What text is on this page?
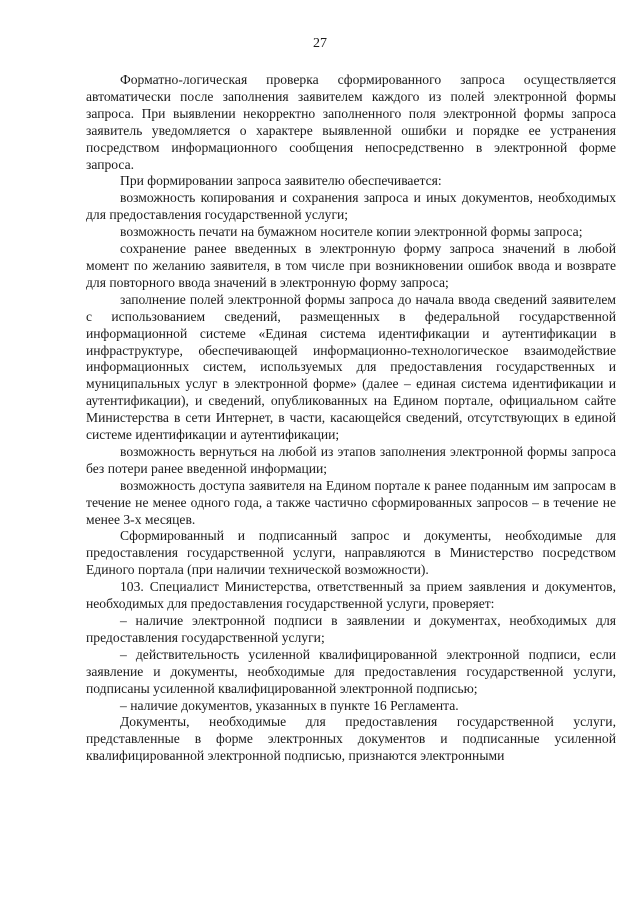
27

Форматно-логическая проверка сформированного запроса осуществляется автоматически после заполнения заявителем каждого из полей электронной формы запроса. При выявлении некорректно заполненного поля электронной формы запроса заявитель уведомляется о характере выявленной ошибки и порядке ее устранения посредством информационного сообщения непосредственно в электронной форме запроса.

При формировании запроса заявителю обеспечивается:

возможность копирования и сохранения запроса и иных документов, необходимых для предоставления государственной услуги;

возможность печати на бумажном носителе копии электронной формы запроса;

сохранение ранее введенных в электронную форму запроса значений в любой момент по желанию заявителя, в том числе при возникновении ошибок ввода и возврате для повторного ввода значений в электронную форму запроса;

заполнение полей электронной формы запроса до начала ввода сведений заявителем с использованием сведений, размещенных в федеральной государственной информационной системе «Единая система идентификации и аутентификации в инфраструктуре, обеспечивающей информационно-технологическое взаимодействие информационных систем, используемых для предоставления государственных и муниципальных услуг в электронной форме» (далее – единая система идентификации и аутентификации), и сведений, опубликованных на Едином портале, официальном сайте Министерства в сети Интернет, в части, касающейся сведений, отсутствующих в единой системе идентификации и аутентификации;

возможность вернуться на любой из этапов заполнения электронной формы запроса без потери ранее введенной информации;

возможность доступа заявителя на Едином портале к ранее поданным им запросам в течение не менее одного года, а также частично сформированных запросов – в течение не менее 3-х месяцев.

Сформированный и подписанный запрос и документы, необходимые для предоставления государственной услуги, направляются в Министерство посредством Единого портала (при наличии технической возможности).

103. Специалист Министерства, ответственный за прием заявления и документов, необходимых для предоставления государственной услуги, проверяет:

– наличие электронной подписи в заявлении и документах, необходимых для предоставления государственной услуги;

– действительность усиленной квалифицированной электронной подписи, если заявление и документы, необходимые для предоставления государственной услуги, подписаны усиленной квалифицированной электронной подписью;

– наличие документов, указанных в пункте 16 Регламента.

Документы, необходимые для предоставления государственной услуги, представленные в форме электронных документов и подписанные усиленной квалифицированной электронной подписью, признаются электронными
